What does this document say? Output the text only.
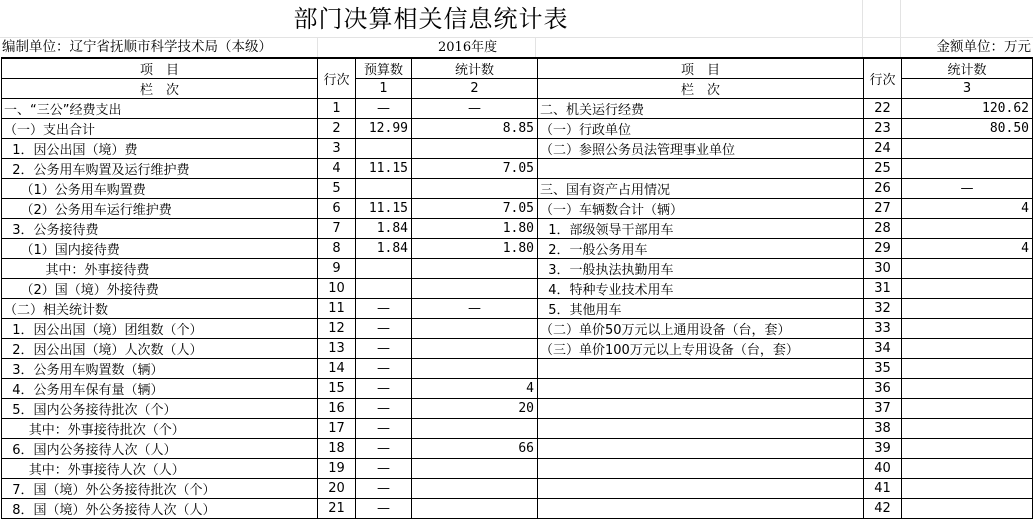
部门决算相关信息统计表
编制单位：辽宁省抚顺市科学技术局（本级）	2016年度	金额单位：万元
项　目	行次	预算数	统计数	项　目	行次	统计数
栏　次		1	2	栏　次		3
一、“三公”经费支出	1	—	—	二、机关运行经费	22	120.62
（一）支出合计	2	12.99	8.85	（一）行政单位	23	80.50
1．因公出国（境）费	3			（二）参照公务员法管理事业单位	24	
2．公务用车购置及运行维护费	4	11.15	7.05		25	
（1）公务用车购置费	5			三、国有资产占用情况	26	—
（2）公务用车运行维护费	6	11.15	7.05	（一）车辆数合计（辆）	27	4
3．公务接待费	7	1.84	1.80	1．部级领导干部用车	28	
（1）国内接待费	8	1.84	1.80	2．一般公务用车	29	4
其中：外事接待费	9			3．一般执法执勤用车	30	
（2）国（境）外接待费	10			4．特种专业技术用车	31	
（二）相关统计数	11	—	—	5．其他用车	32	
1．因公出国（境）团组数（个）	12	—		（二）单价50万元以上通用设备（台，套）	33	
2．因公出国（境）人次数（人）	13	—		（三）单价100万元以上专用设备（台，套）	34	
3．公务用车购置数（辆）	14	—			35	
4．公务用车保有量（辆）	15	—	4		36	
5．国内公务接待批次（个）	16	—	20		37	
其中：外事接待批次（个）	17	—			38	
6．国内公务接待人次（人）	18	—	66		39	
其中：外事接待人次（人）	19	—			40	
7．国（境）外公务接待批次（个）	20	—			41	
8．国（境）外公务接待人次（人）	21	—			42	
